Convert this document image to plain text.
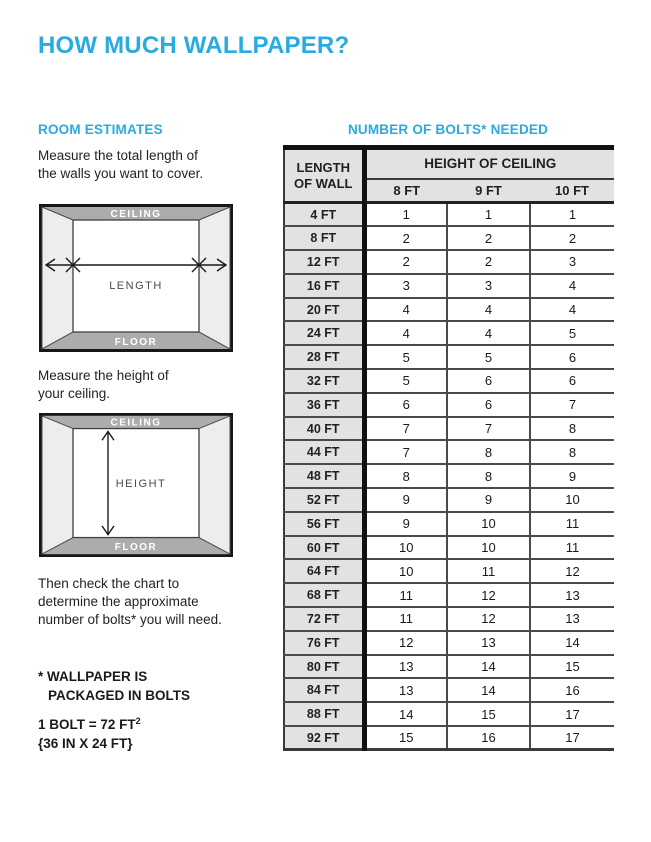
HOW MUCH WALLPAPER?
ROOM ESTIMATES

Measure the total length of
the walls you want to cover.

CEILING
FLOOR
LENGTH

Measure the height of
your ceiling.

CEILING
FLOOR
HEIGHT

Then check the chart to
determine the approximate
number of bolts* you will need.

* WALLPAPER IS
PACKAGED IN BOLTS

1 BOLT = 72 $FT^2$
{36 IN X 24 FT}

NUMBER OF BOLTS* NEEDED
LENGTH
OF WALL	HEIGHT OF CEILING		
	8 FT	9 FT	10 FT
4 FT	1	1	1
8 FT	2	2	2
12 FT	2	2	3
16 FT	3	3	4
20 FT	4	4	4
24 FT	4	4	5
28 FT	5	5	6
32 FT	5	6	6
36 FT	6	6	7
40 FT	7	7	8
44 FT	7	8	8
48 FT	8	8	9
52 FT	9	9	10
56 FT	9	10	11
60 FT	10	10	11
64 FT	10	11	12
68 FT	11	12	13
72 FT	11	12	13
76 FT	12	13	14
80 FT	13	14	15
84 FT	13	14	16
88 FT	14	15	17
92 FT	15	16	17
